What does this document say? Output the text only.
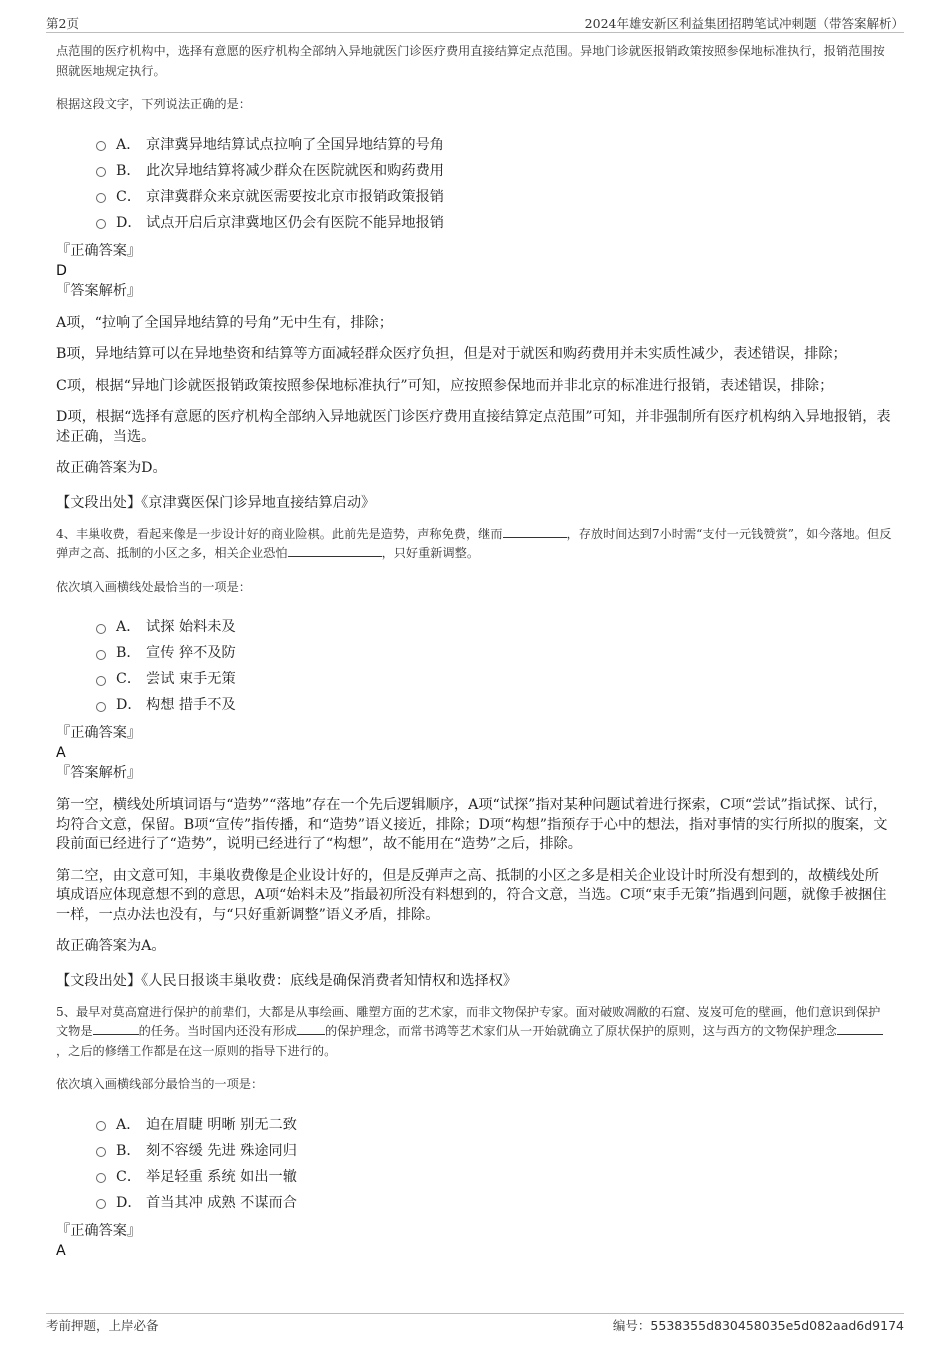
第2页	2024年雄安新区利益集团招聘笔试冲刺题（带答案解析）

点范围的医疗机构中，选择有意愿的医疗机构全部纳入异地就医门诊医疗费用直接结算定点范围。异地门诊就医报销政策按照参保地标准执行，报销范围按照就医地规定执行。

根据这段文字，下列说法正确的是：

A． 京津冀异地结算试点拉响了全国异地结算的号角
B． 此次异地结算将减少群众在医院就医和购药费用
C． 京津冀群众来京就医需要按北京市报销政策报销
D． 试点开启后京津冀地区仍会有医院不能异地报销
『正确答案』
D
『答案解析』

A项，“拉响了全国异地结算的号角”无中生有，排除；

B项，异地结算可以在异地垫资和结算等方面减轻群众医疗负担，但是对于就医和购药费用并未实质性减少，表述错误，排除；

C项，根据“异地门诊就医报销政策按照参保地标准执行”可知，应按照参保地而并非北京的标准进行报销，表述错误，排除；

D项，根据“选择有意愿的医疗机构全部纳入异地就医门诊医疗费用直接结算定点范围”可知，并非强制所有医疗机构纳入异地报销，表述正确，当选。

故正确答案为D。

【文段出处】《京津冀医保门诊异地直接结算启动》

4、丰巢收费，看起来像是一步设计好的商业险棋。此前先是造势，声称免费，继而	，存放时间达到7小时需“支付一元钱赞赏”，如今落地。但反弹声之高、抵制的小区之多，相关企业恐怕	，只好重新调整。

依次填入画横线处最恰当的一项是：

A． 试探 始料未及
B． 宣传 猝不及防
C． 尝试 束手无策
D． 构想 措手不及
『正确答案』
A
『答案解析』

第一空，横线处所填词语与“造势”“落地”存在一个先后逻辑顺序，A项“试探”指对某种问题试着进行探索，C项“尝试”指试探、试行，均符合文意，保留。B项“宣传”指传播，和“造势”语义接近，排除；D项“构想”指预存于心中的想法，指对事情的实行所拟的腹案，文段前面已经进行了“造势”，说明已经进行了“构想”，故不能用在“造势”之后，排除。

第二空，由文意可知，丰巢收费像是企业设计好的，但是反弹声之高、抵制的小区之多是相关企业设计时所没有想到的，故横线处所填成语应体现意想不到的意思，A项“始料未及”指最初所没有料想到的，符合文意，当选。C项“束手无策”指遇到问题，就像手被捆住一样，一点办法也没有，与“只好重新调整”语义矛盾，排除。

故正确答案为A。

【文段出处】《人民日报谈丰巢收费：底线是确保消费者知情权和选择权》

5、最早对莫高窟进行保护的前辈们，大都是从事绘画、雕塑方面的艺术家，而非文物保护专家。面对破败凋敝的石窟、岌岌可危的壁画，他们意识到保护文物是	的任务。当时国内还没有形成 的保护理念，而常书鸿等艺术家们从一开始就确立了原状保护的原则，这与西方的文物保护理念，之后的修缮工作都是在这一原则的指导下进行的。

依次填入画横线部分最恰当的一项是：

A． 迫在眉睫 明晰 别无二致
B． 刻不容缓 先进 殊途同归
C． 举足轻重 系统 如出一辙
D． 首当其冲 成熟 不谋而合
『正确答案』
A
考前押题，上岸必备	编号：5538355d830458035e5d082aad6d9174
